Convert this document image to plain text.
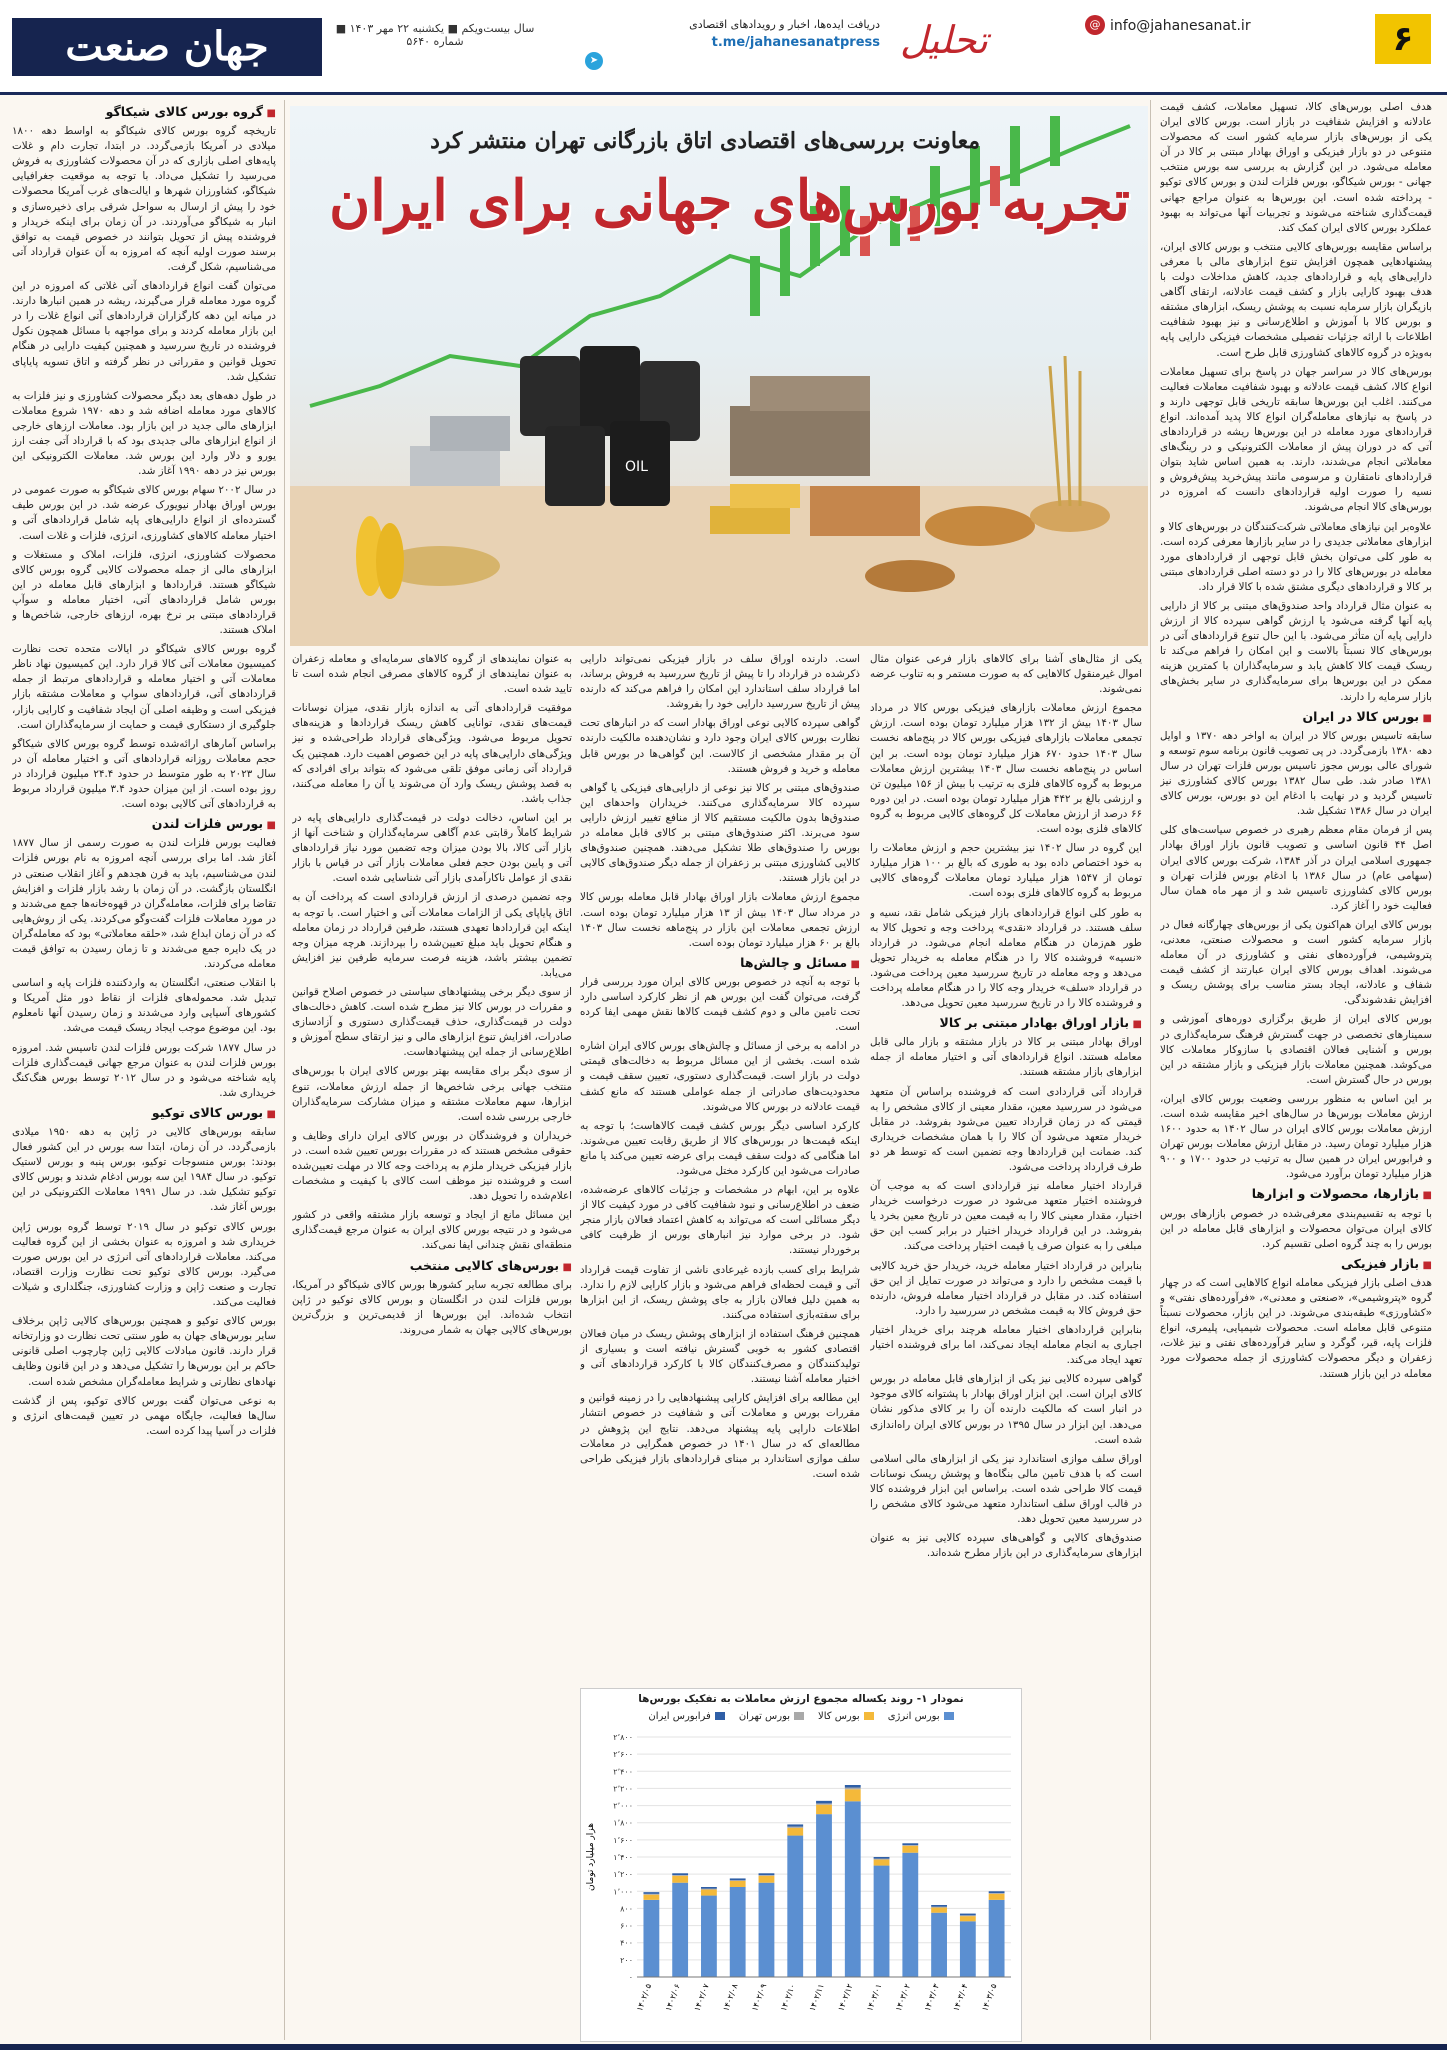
جهان صنعت	سال بیست‌ویکم ■ یکشنبه ۲۲ مهر ۱۴۰۳ ■ شماره ۵۶۴۰
دریافت ایده‌ها، اخبار و رویدادهای اقتصادی
t.me/jahanesanatpress
➤	تحلیل	@ info@jahanesanat.ir	۶
OIL
معاونت بررسی‌های اقتصادی اتاق بازرگانی تهران منتشر کرد
تجربه بورس‌های جهانی برای ایران

هدف اصلی بورس‌های کالا، تسهیل معاملات، کشف قیمت عادلانه و افزایش شفافیت در بازار است. بورس کالای ایران یکی از بورس‌های بازار سرمایه کشور است که محصولات متنوعی در دو بازار فیزیکی و اوراق بهادار مبتنی بر کالا در آن معامله می‌شود. در این گزارش به بررسی سه بورس منتخب جهانی - بورس شیکاگو، بورس فلزات لندن و بورس کالای توکیو - پرداخته شده است. این بورس‌ها به عنوان مراجع جهانی قیمت‌گذاری شناخته می‌شوند و تجربیات آنها می‌تواند به بهبود عملکرد بورس کالای ایران کمک کند.

براساس مقایسه بورس‌های کالایی منتخب و بورس کالای ایران، پیشنهادهایی همچون افزایش تنوع ابزارهای مالی با معرفی دارایی‌های پایه و قراردادهای جدید، کاهش مداخلات دولت با هدف بهبود کارایی بازار و کشف قیمت عادلانه، ارتقای آگاهی بازیگران بازار سرمایه نسبت به پوشش ریسک، ابزارهای مشتقه و بورس کالا با آموزش و اطلاع‌رسانی و نیز بهبود شفافیت اطلاعات با ارائه جزئیات تفصیلی مشخصات فیزیکی دارایی پایه به‌ویژه در گروه کالاهای کشاورزی قابل طرح است.

بورس‌های کالا در سراسر جهان در پاسخ برای تسهیل معاملات انواع کالا، کشف قیمت عادلانه و بهبود شفافیت معاملات فعالیت می‌کنند. اغلب این بورس‌ها سابقه تاریخی قابل توجهی دارند و در پاسخ به نیازهای معامله‌گران انواع کالا پدید آمده‌اند. انواع قراردادهای مورد معامله در این بورس‌ها ریشه در قراردادهای آتی که در دوران پیش از معاملات الکترونیکی و در رینگ‌های معاملاتی انجام می‌شدند، دارند. به همین اساس شاید بتوان قراردادهای نامتقارن و مرسومی مانند پیش‌خرید پیش‌فروش و نسیه را صورت اولیه قراردادهای دانست که امروزه در بورس‌های کالا انجام می‌شوند.

علاوه‌بر این نیازهای معاملاتی شرکت‌کنندگان در بورس‌های کالا و ابزارهای معاملاتی جدیدی را در سایر بازارها معرفی کرده است. به طور کلی می‌توان بخش قابل توجهی از قراردادهای مورد معامله در بورس‌های کالا را در دو دسته اصلی قراردادهای مبتنی بر کالا و قراردادهای دیگری مشتق شده با کالا قرار داد.

به عنوان مثال قرارداد واحد صندوق‌های مبتنی بر کالا از دارایی پایه آنها گرفته می‌شود یا ارزش گواهی سپرده کالا از ارزش دارایی پایه آن متأثر می‌شود. با این حال تنوع قراردادهای آتی در بورس‌های کالا نسبتاً بالاست و این امکان را فراهم می‌کند تا ریسک قیمت کالا کاهش یابد و سرمایه‌گذاران با کمترین هزینه ممکن در این بورس‌ها برای سرمایه‌گذاری در سایر بخش‌های بازار سرمایه را دارند.

■ بورس کالا در ایران

سابقه تاسیس بورس کالا در ایران به اواخر دهه ۱۳۷۰ و اوایل دهه ۱۳۸۰ بازمی‌گردد. در پی تصویب قانون برنامه سوم توسعه و شورای عالی بورس مجوز تاسیس بورس فلزات تهران در سال ۱۳۸۱ صادر شد. طی سال ۱۳۸۲ بورس کالای کشاورزی نیز تاسیس گردید و در نهایت با ادغام این دو بورس، بورس کالای ایران در سال ۱۳۸۶ تشکیل شد.

پس از فرمان مقام معظم رهبری در خصوص سیاست‌های کلی اصل ۴۴ قانون اساسی و تصویب قانون بازار اوراق بهادار جمهوری اسلامی ایران در آذر ۱۳۸۴، شرکت بورس کالای ایران (سهامی عام) در سال ۱۳۸۶ با ادغام بورس فلزات تهران و بورس کالای کشاورزی تاسیس شد و از مهر ماه همان سال فعالیت خود را آغاز کرد.

بورس کالای ایران هم‌اکنون یکی از بورس‌های چهارگانه فعال در بازار سرمایه کشور است و محصولات صنعتی، معدنی، پتروشیمی، فرآورده‌های نفتی و کشاورزی در آن معامله می‌شوند. اهداف بورس کالای ایران عبارتند از کشف قیمت شفاف و عادلانه، ایجاد بستر مناسب برای پوشش ریسک و افزایش نقدشوندگی.

بورس کالای ایران از طریق برگزاری دوره‌های آموزشی و سمینارهای تخصصی در جهت گسترش فرهنگ سرمایه‌گذاری در بورس و آشنایی فعالان اقتصادی با سازوکار معاملات کالا می‌کوشد. همچنین معاملات بازار فیزیکی و بازار مشتقه در این بورس در حال گسترش است.

بر این اساس به منظور بررسی وضعیت بورس کالای ایران، ارزش معاملات بورس‌ها در سال‌های اخیر مقایسه شده است. ارزش معاملات بورس کالای ایران در سال ۱۴۰۲ به حدود ۱۶۰۰ هزار میلیارد تومان رسید. در مقابل ارزش معاملات بورس تهران و فرابورس ایران در همین سال به ترتیب در حدود ۱۷۰۰ و ۹۰۰ هزار میلیارد تومان برآورد می‌شود.

■ بازارها، محصولات و ابزارها

با توجه به تقسیم‌بندی معرفی‌شده در خصوص بازارهای بورس کالای ایران می‌توان محصولات و ابزارهای قابل معامله در این بورس را به چند گروه اصلی تقسیم کرد.

■ بازار فیزیکی

هدف اصلی بازار فیزیکی معامله انواع کالاهایی است که در چهار گروه «پتروشیمی»، «صنعتی و معدنی»، «فرآورده‌های نفتی» و «کشاورزی» طبقه‌بندی می‌شوند. در این بازار، محصولات نسبتاً متنوعی قابل معامله است. محصولات شیمیایی، پلیمری، انواع فلزات پایه، قیر، گوگرد و سایر فرآورده‌های نفتی و نیز غلات، زعفران و دیگر محصولات کشاورزی از جمله محصولات مورد معامله در این بازار هستند.

یکی از مثال‌های آشنا برای کالاهای بازار فرعی عنوان مثال اموال غیرمنقول کالاهایی که به صورت مستمر و به تناوب عرضه نمی‌شوند.

مجموع ارزش معاملات بازارهای فیزیکی بورس کالا در مرداد سال ۱۴۰۳ بیش از ۱۳۲ هزار میلیارد تومان بوده است. ارزش تجمعی معاملات بازارهای فیزیکی بورس کالا در پنج‌ماهه نخست سال ۱۴۰۳ حدود ۶۷۰ هزار میلیارد تومان بوده است. بر این اساس در پنج‌ماهه نخست سال ۱۴۰۳ بیشترین ارزش معاملات مربوط به گروه کالاهای فلزی به ترتیب با بیش از ۱۵۶ میلیون تن و ارزشی بالغ بر ۴۴۲ هزار میلیارد تومان بوده است. در این دوره ۶۶ درصد از ارزش معاملات کل گروه‌های کالایی مربوط به گروه کالاهای فلزی بوده است.

این گروه در سال ۱۴۰۲ نیز بیشترین حجم و ارزش معاملات را به خود اختصاص داده بود به طوری که بالغ بر ۱۰۰ هزار میلیارد تومان از ۱۵۴۷ هزار میلیارد تومان معاملات گروه‌های کالایی مربوط به گروه کالاهای فلزی بوده است.

به طور کلی انواع قراردادهای بازار فیزیکی شامل نقد، نسیه و سلف هستند. در قرارداد «نقدی» پرداخت وجه و تحویل کالا به طور هم‌زمان در هنگام معامله انجام می‌شود. در قرارداد «نسیه» فروشنده کالا را در هنگام معامله به خریدار تحویل می‌دهد و وجه معامله در تاریخ سررسید معین پرداخت می‌شود. در قرارداد «سلف» خریدار وجه کالا را در هنگام معامله پرداخت و فروشنده کالا را در تاریخ سررسید معین تحویل می‌دهد.

■ بازار اوراق بهادار مبتنی بر کالا

اوراق بهادار مبتنی بر کالا در بازار مشتقه و بازار مالی قابل معامله هستند. انواع قراردادهای آتی و اختیار معامله از جمله ابزارهای بازار مشتقه هستند.

قرارداد آتی قراردادی است که فروشنده براساس آن متعهد می‌شود در سررسید معین، مقدار معینی از کالای مشخص را به قیمتی که در زمان قرارداد تعیین می‌شود بفروشد. در مقابل خریدار متعهد می‌شود آن کالا را با همان مشخصات خریداری کند. ضمانت این قراردادها وجه تضمین است که توسط هر دو طرف قرارداد پرداخت می‌شود.

قرارداد اختیار معامله نیز قراردادی است که به موجب آن فروشنده اختیار متعهد می‌شود در صورت درخواست خریدار اختیار، مقدار معینی کالا را به قیمت معین در تاریخ معین بخرد یا بفروشد. در این قرارداد خریدار اختیار در برابر کسب این حق مبلغی را به عنوان صرف یا قیمت اختیار پرداخت می‌کند.

بنابراین در قرارداد اختیار معامله خرید، خریدار حق خرید کالایی با قیمت مشخص را دارد و می‌تواند در صورت تمایل از این حق استفاده کند. در مقابل در قرارداد اختیار معامله فروش، دارنده حق فروش کالا به قیمت مشخص در سررسید را دارد.

بنابراین قراردادهای اختیار معامله هرچند برای خریدار اختیار اجباری به انجام معامله ایجاد نمی‌کند، اما برای فروشنده اختیار تعهد ایجاد می‌کند.

گواهی سپرده کالایی نیز یکی از ابزارهای قابل معامله در بورس کالای ایران است. این ابزار اوراق بهادار با پشتوانه کالای موجود در انبار است که مالکیت دارنده آن را بر کالای مذکور نشان می‌دهد. این ابزار در سال ۱۳۹۵ در بورس کالای ایران راه‌اندازی شده است.

اوراق سلف موازی استاندارد نیز یکی از ابزارهای مالی اسلامی است که با هدف تامین مالی بنگاه‌ها و پوشش ریسک نوسانات قیمت کالا طراحی شده است. براساس این ابزار فروشنده کالا در قالب اوراق سلف استاندارد متعهد می‌شود کالای مشخص را در سررسید معین تحویل دهد.

صندوق‌های کالایی و گواهی‌های سپرده کالایی نیز به عنوان ابزارهای سرمایه‌گذاری در این بازار مطرح شده‌اند.

است. دارنده اوراق سلف در بازار فیزیکی نمی‌تواند دارایی ذکرشده در قرارداد را تا پیش از تاریخ سررسید به فروش برساند، اما قرارداد سلف استاندارد این امکان را فراهم می‌کند که دارنده پیش از تاریخ سررسید دارایی خود را بفروشد.

گواهی سپرده کالایی نوعی اوراق بهادار است که در انبارهای تحت نظارت بورس کالای ایران وجود دارد و نشان‌دهنده مالکیت دارنده آن بر مقدار مشخصی از کالاست. این گواهی‌ها در بورس قابل معامله و خرید و فروش هستند.

صندوق‌های مبتنی بر کالا نیز نوعی از دارایی‌های فیزیکی یا گواهی سپرده کالا سرمایه‌گذاری می‌کنند. خریداران واحدهای این صندوق‌ها بدون مالکیت مستقیم کالا از منافع تغییر ارزش دارایی سود می‌برند. اکثر صندوق‌های مبتنی بر کالای قابل معامله در بورس را صندوق‌های طلا تشکیل می‌دهند. همچنین صندوق‌های کالایی کشاورزی مبتنی بر زعفران از جمله دیگر صندوق‌های کالایی در این بازار هستند.

مجموع ارزش معاملات بازار اوراق بهادار قابل معامله بورس کالا در مرداد سال ۱۴۰۳ بیش از ۱۳ هزار میلیارد تومان بوده است. ارزش تجمعی معاملات این بازار در پنج‌ماهه نخست سال ۱۴۰۳ بالغ بر ۶۰ هزار میلیارد تومان بوده است.

■ مسائل و چالش‌ها

با توجه به آنچه در خصوص بورس کالای ایران مورد بررسی قرار گرفت، می‌توان گفت این بورس هم از نظر کارکرد اساسی دارد تحت تامین مالی و دوم کشف قیمت کالاها نقش مهمی ایفا کرده است.

در ادامه به برخی از مسائل و چالش‌های بورس کالای ایران اشاره شده است. بخشی از این مسائل مربوط به دخالت‌های قیمتی دولت در بازار است. قیمت‌گذاری دستوری، تعیین سقف قیمت و محدودیت‌های صادراتی از جمله عواملی هستند که مانع کشف قیمت عادلانه در بورس کالا می‌شوند.

کارکرد اساسی دیگر بورس کشف قیمت کالاهاست؛ با توجه به اینکه قیمت‌ها در بورس‌های کالا از طریق رقابت تعیین می‌شوند. اما هنگامی که دولت سقف قیمت برای عرضه تعیین می‌کند یا مانع صادرات می‌شود این کارکرد مختل می‌شود.

علاوه بر این، ابهام در مشخصات و جزئیات کالاهای عرضه‌شده، ضعف در اطلاع‌رسانی و نبود شفافیت کافی در مورد کیفیت کالا از دیگر مسائلی است که می‌تواند به کاهش اعتماد فعالان بازار منجر شود. در برخی موارد نیز انبارهای بورس از ظرفیت کافی برخوردار نیستند.

شرایط برای کسب بازده غیرعادی ناشی از تفاوت قیمت قرارداد آتی و قیمت لحظه‌ای فراهم می‌شود و بازار کارایی لازم را ندارد. به همین دلیل فعالان بازار به جای پوشش ریسک، از این ابزارها برای سفته‌بازی استفاده می‌کنند.

همچنین فرهنگ استفاده از ابزارهای پوشش ریسک در میان فعالان اقتصادی کشور به خوبی گسترش نیافته است و بسیاری از تولیدکنندگان و مصرف‌کنندگان کالا با کارکرد قراردادهای آتی و اختیار معامله آشنا نیستند.

این مطالعه برای افزایش کارایی پیشنهادهایی را در زمینه قوانین و مقررات بورس و معاملات آتی و شفافیت در خصوص انتشار اطلاعات دارایی پایه پیشنهاد می‌دهد. نتایج این پژوهش در مطالعه‌ای که در سال ۱۴۰۱ در خصوص همگرایی در معاملات سلف موازی استاندارد بر مبنای قراردادهای بازار فیزیکی طراحی شده است.

به عنوان نمایندهای از گروه کالاهای سرمایه‌ای و معامله زعفران به عنوان نمایندهای از گروه کالاهای مصرفی انجام شده است تا تایید شده است.

موفقیت قراردادهای آتی به اندازه بازار نقدی، میزان نوسانات قیمت‌های نقدی، توانایی کاهش ریسک قراردادها و هزینه‌های تحویل مربوط می‌شود. ویژگی‌های قرارداد طراحی‌شده و نیز ویژگی‌های دارایی‌های پایه در این خصوص اهمیت دارد. همچنین یک قرارداد آتی زمانی موفق تلقی می‌شود که بتواند برای افرادی که به قصد پوشش ریسک وارد آن می‌شوند یا آن را معامله می‌کنند، جذاب باشد.

بر این اساس، دخالت دولت در قیمت‌گذاری دارایی‌های پایه در شرایط کاملاً رقابتی عدم آگاهی سرمایه‌گذاران و شناخت آنها از بازار آتی کالا، بالا بودن میزان وجه تضمین مورد نیاز قراردادهای آتی و پایین بودن حجم فعلی معاملات بازار آتی در قیاس با بازار نقدی از عوامل ناکارآمدی بازار آتی شناسایی شده است.

وجه تضمین درصدی از ارزش قراردادی است که پرداخت آن به اتاق پایاپای یکی از الزامات معاملات آتی و اختیار است. با توجه به اینکه این قراردادها تعهدی هستند، طرفین قرارداد در زمان معامله و هنگام تحویل باید مبلغ تعیین‌شده را بپردازند. هرچه میزان وجه تضمین بیشتر باشد، هزینه فرصت سرمایه طرفین نیز افزایش می‌یابد.

از سوی دیگر برخی پیشنهادهای سیاستی در خصوص اصلاح قوانین و مقررات در بورس کالا نیز مطرح شده است. کاهش دخالت‌های دولت در قیمت‌گذاری، حذف قیمت‌گذاری دستوری و آزادسازی صادرات، افزایش تنوع ابزارهای مالی و نیز ارتقای سطح آموزش و اطلاع‌رسانی از جمله این پیشنهادهاست.

از سوی دیگر برای مقایسه بهتر بورس کالای ایران با بورس‌های منتخب جهانی برخی شاخص‌ها از جمله ارزش معاملات، تنوع ابزارها، سهم معاملات مشتقه و میزان مشارکت سرمایه‌گذاران خارجی بررسی شده است.

خریداران و فروشندگان در بورس کالای ایران دارای وظایف و حقوقی مشخص هستند که در مقررات بورس تعیین شده است. در بازار فیزیکی خریدار ملزم به پرداخت وجه کالا در مهلت تعیین‌شده است و فروشنده نیز موظف است کالای با کیفیت و مشخصات اعلام‌شده را تحویل دهد.

این مسائل مانع از ایجاد و توسعه بازار مشتقه واقعی در کشور می‌شود و در نتیجه بورس کالای ایران به عنوان مرجع قیمت‌گذاری منطقه‌ای نقش چندانی ایفا نمی‌کند.

■ بورس‌های کالایی منتخب

برای مطالعه تجربه سایر کشورها بورس کالای شیکاگو در آمریکا، بورس فلزات لندن در انگلستان و بورس کالای توکیو در ژاپن انتخاب شده‌اند. این بورس‌ها از قدیمی‌ترین و بزرگ‌ترین بورس‌های کالایی جهان به شمار می‌روند.

■ گروه بورس کالای شیکاگو

تاریخچه گروه بورس کالای شیکاگو به اواسط دهه ۱۸۰۰ میلادی در آمریکا بازمی‌گردد. در ابتدا، تجارت دام و غلات پایه‌های اصلی بازاری که در آن محصولات کشاورزی به فروش می‌رسید را تشکیل می‌داد. با توجه به موقعیت جغرافیایی شیکاگو، کشاورزان شهرها و ایالت‌های غرب آمریکا محصولات خود را پیش از ارسال به سواحل شرقی برای ذخیره‌سازی و انبار به شیکاگو می‌آوردند. در آن زمان برای اینکه خریدار و فروشنده پیش از تحویل بتوانند در خصوص قیمت به توافق برسند صورت اولیه آنچه که امروزه به آن عنوان قرارداد آتی می‌شناسیم، شکل گرفت.

می‌توان گفت انواع قراردادهای آتی غلاتی که امروزه در این گروه مورد معامله قرار می‌گیرند، ریشه در همین انبارها دارند. در میانه این دهه کارگزاران قراردادهای آتی انواع غلات را در این بازار معامله کردند و برای مواجهه با مسائل همچون نکول فروشنده در تاریخ سررسید و همچنین کیفیت دارایی در هنگام تحویل قوانین و مقرراتی در نظر گرفته و اتاق تسویه پایاپای تشکیل شد.

در طول دهه‌های بعد دیگر محصولات کشاورزی و نیز فلزات به کالاهای مورد معامله اضافه شد و دهه ۱۹۷۰ شروع معاملات ابزارهای مالی جدید در این بازار بود. معاملات ارزهای خارجی از انواع ابزارهای مالی جدیدی بود که با قرارداد آتی جفت ارز یورو و دلار وارد این بورس شد. معاملات الکترونیکی این بورس نیز در دهه ۱۹۹۰ آغاز شد.

در سال ۲۰۰۲ سهام بورس کالای شیکاگو به صورت عمومی در بورس اوراق بهادار نیویورک عرضه شد. در این بورس طیف گسترده‌ای از انواع دارایی‌های پایه شامل قراردادهای آتی و اختیار معامله کالاهای کشاورزی، انرژی، فلزات و غلات است.

محصولات کشاورزی، انرژی، فلزات، املاک و مستغلات و ابزارهای مالی از جمله محصولات کالایی گروه بورس کالای شیکاگو هستند. قراردادها و ابزارهای قابل معامله در این بورس شامل قراردادهای آتی، اختیار معامله و سوآپ قراردادهای مبتنی بر نرخ بهره، ارزهای خارجی، شاخص‌ها و املاک هستند.

گروه بورس کالای شیکاگو در ایالات متحده تحت نظارت کمیسیون معاملات آتی کالا قرار دارد. این کمیسیون نهاد ناظر معاملات آتی و اختیار معامله و قراردادهای مرتبط از جمله قراردادهای آتی، قراردادهای سواپ و معاملات مشتقه بازار فیزیکی است و وظیفه اصلی آن ایجاد شفافیت و کارایی بازار، جلوگیری از دستکاری قیمت و حمایت از سرمایه‌گذاران است.

براساس آمارهای ارائه‌شده توسط گروه بورس کالای شیکاگو حجم معاملات روزانه قراردادهای آتی و اختیار معامله آن در سال ۲۰۲۳ به طور متوسط در حدود ۲۴.۴ میلیون قرارداد در روز بوده است. از این میزان حدود ۳.۴ میلیون قرارداد مربوط به قراردادهای آتی کالایی بوده است.

■ بورس فلزات لندن

فعالیت بورس فلزات لندن به صورت رسمی از سال ۱۸۷۷ آغاز شد. اما برای بررسی آنچه امروزه به نام بورس فلزات لندن می‌شناسیم، باید به قرن هجدهم و آغاز انقلاب صنعتی در انگلستان بازگشت. در آن زمان با رشد بازار فلزات و افزایش تقاضا برای فلزات، معامله‌گران در قهوه‌خانه‌ها جمع می‌شدند و در مورد معاملات فلزات گفت‌وگو می‌کردند. یکی از روش‌هایی که در آن زمان ابداع شد، «حلقه معاملاتی» بود که معامله‌گران در یک دایره جمع می‌شدند و تا زمان رسیدن به توافق قیمت معامله می‌کردند.

با انقلاب صنعتی، انگلستان به واردکننده فلزات پایه و اساسی تبدیل شد. محموله‌های فلزات از نقاط دور مثل آمریکا و کشورهای آسیایی وارد می‌شدند و زمان رسیدن آنها نامعلوم بود. این موضوع موجب ایجاد ریسک قیمت می‌شد.

در سال ۱۸۷۷ شرکت بورس فلزات لندن تاسیس شد. امروزه بورس فلزات لندن به عنوان مرجع جهانی قیمت‌گذاری فلزات پایه شناخته می‌شود و در سال ۲۰۱۲ توسط بورس هنگ‌کنگ خریداری شد.

■ بورس کالای توکیو

سابقه بورس‌های کالایی در ژاپن به دهه ۱۹۵۰ میلادی بازمی‌گردد. در آن زمان، ابتدا سه بورس در این کشور فعال بودند: بورس منسوجات توکیو، بورس پنبه و بورس لاستیک توکیو. در سال ۱۹۸۴ این سه بورس ادغام شدند و بورس کالای توکیو تشکیل شد. در سال ۱۹۹۱ معاملات الکترونیکی در این بورس آغاز شد.

بورس کالای توکیو در سال ۲۰۱۹ توسط گروه بورس ژاپن خریداری شد و امروزه به عنوان بخشی از این گروه فعالیت می‌کند. معاملات قراردادهای آتی انرژی در این بورس صورت می‌گیرد. بورس کالای توکیو تحت نظارت وزارت اقتصاد، تجارت و صنعت ژاپن و وزارت کشاورزی، جنگلداری و شیلات فعالیت می‌کند.

بورس کالای توکیو و همچنین بورس‌های کالایی ژاپن برخلاف سایر بورس‌های جهان به طور سنتی تحت نظارت دو وزارتخانه قرار دارند. قانون مبادلات کالایی ژاپن چارچوب اصلی قانونی حاکم بر این بورس‌ها را تشکیل می‌دهد و در این قانون وظایف نهادهای نظارتی و شرایط معامله‌گران مشخص شده است.

به نوعی می‌توان گفت بورس کالای توکیو، پس از گذشت سال‌ها فعالیت، جایگاه مهمی در تعیین قیمت‌های انرژی و فلزات در آسیا پیدا کرده است.

نمودار ۱- روند یکساله مجموع ارزش معاملات به تفکیک بورس‌ها
بورس انرژیبورس کالابورس تهرانفرابورس ایران
۰
۲۰۰
۴۰۰
۶۰۰
۸۰۰
۱٬۰۰۰
۱٬۲۰۰
۱٬۴۰۰
۱٬۶۰۰
۱٬۸۰۰
۲٬۰۰۰
۲٬۲۰۰
۲٬۴۰۰
۲٬۶۰۰
۲٬۸۰۰
هزار میلیارد تومان
۱۴۰۲/۰۵ ۱۴۰۲/۰۶ ۱۴۰۲/۰۷ ۱۴۰۲/۰۸ ۱۴۰۲/۰۹ ۱۴۰۲/۱۰ ۱۴۰۲/۱۱ ۱۴۰۲/۱۲ ۱۴۰۳/۰۱ ۱۴۰۳/۰۲ ۱۴۰۳/۰۳ ۱۴۰۳/۰۴ ۱۴۰۳/۰۵
